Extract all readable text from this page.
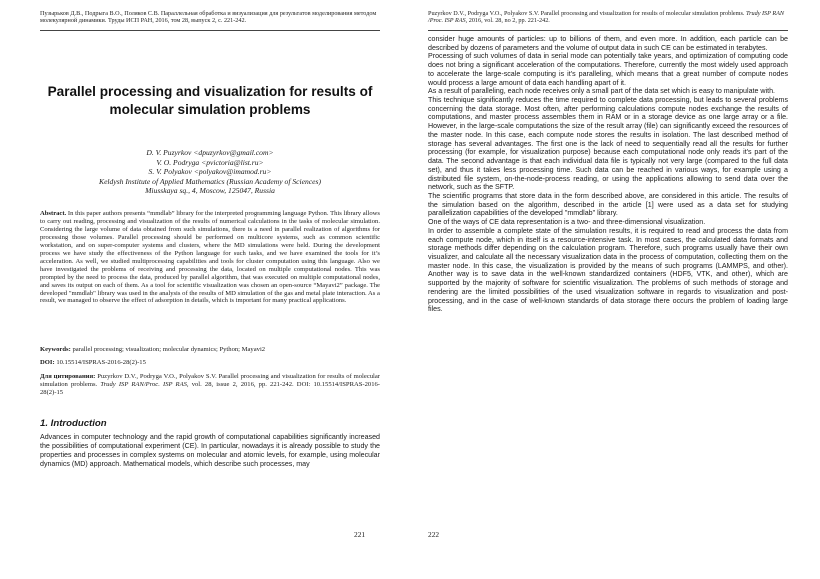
Пузырьков Д.В., Подрыга В.О., Поляков С.В. Параллельная обработка и визуализация для результатов моделирования методом молекулярной динамики. Труды ИСП РАН, 2016, том 28, выпуск 2, с. 221-242.
Parallel processing and visualization for results of molecular simulation problems
D. V. Puzyrkov <dpuzyrkov@gmail.com>
V. O. Podryga <pvictoria@list.ru>
S. V. Polyakov <polyakov@imamod.ru>
Keldysh Institute of Applied Mathematics (Russian Academy of Sciences)
Miusskaya sq., 4, Moscow, 125047, Russia
Abstract. In this paper authors presents “mmdlab” library for the interpreted programming language Python. This library allows to carry out reading, processing and visualization of the results of numerical calculations in the tasks of molecular simulation. Considering the large volume of data obtained from such simulations, there is a need in parallel realization of algorithms for processing those volumes. Parallel processing should be performed on multicore systems, such as common scientific workstation, and on super-computer systems and clusters, where the MD simulations were held. During the development process we have study the effectiveness of the Python language for such tasks, and we have examined the tools for it’s acceleration. As well, we studied multiprocessing capabilities and tools for cluster computation using this language. Also we have investigated the problems of receiving and processing the data, located on multiple computational nodes. This was prompted by the need to process the data, produced by parallel algorithm, that was executed on multiple computational nodes, and saves its output on each of them. As a tool for scientific visualization was chosen an open-source “Mayavi2” package. The developed "mmdlab" library was used in the analysis of the results of MD simulation of the gas and metal plate interaction. As a result, we managed to observe the effect of adsorption in details, which is important for many practical applications.
Keywords: parallel processing; visualization; molecular dynamics; Python; Mayavi2
DOI: 10.15514/ISPRAS-2016-28(2)-15
Для цитирования: Puzyrkov D.V., Podryga V.O., Polyakov S.V. Parallel processing and visualization for results of molecular simulation problems. Trudy ISP RAN/Proc. ISP RAS, vol. 28, issue 2, 2016, pp. 221-242. DOI: 10.15514/ISPRAS-2016-28(2)-15
1. Introduction
Advances in computer technology and the rapid growth of computational capabilities significantly increased the possibilities of computational experiment (CE). In particular, nowadays it is already possible to study the properties and processes in complex systems on molecular and atomic levels, for example, using molecular dynamics (MD) approach. Mathematical models, which describe such processes, may
221
Puzyrkov D.V., Podryga V.O., Polyakov S.V. Parallel processing and visualization for results of molecular simulation problems. Trudy ISP RAN /Proc. ISP RAS, 2016, vol. 28, no 2, pp. 221-242.

consider huge amounts of particles: up to billions of them, and even more. In addition, each particle can be described by dozens of parameters and the volume of output data in such CE can be estimated in terabytes.

Processing of such volumes of data in serial mode can potentially take years, and optimization of computing code does not bring a significant acceleration of the computations. Therefore, currently the most widely used approach to accelerate the large-scale computing is it's paralleling, which means that a great number of compute nodes would process a large amount of data each handling apart of it.

As a result of paralleling, each node receives only a small part of the data set which is easy to manipulate with.

This technique significantly reduces the time required to complete data processing, but leads to several problems concerning the data storage. Most often, after performing calculations compute nodes exchange the results of computations, and master process assembles them in RAM or in a storage device as one large array or a file. However, in the large-scale computations the size of the result array (file) can significantly exceed the resources of the master node. In this case, each compute node stores the results in isolation. The last described method of storage has several advantages. The first one is the lack of need to sequentially read all the results for further processing (for example, for visualization purpose) because each computational node only reads it's part of the data. The second advantage is that each individual data file is typically not very large (compared to the full data set), and thus it takes less processing time. Such data can be reached in various ways, for example using a distributed file system, on-the-node-process reading, or using the applications allowing to send data over the network, such as the SFTP.

The scientific programs that store data in the form described above, are considered in this article. The results of the simulation based on the algorithm, described in the article [1] were used as a data set for studying parallelization capabilities of the developed "mmdlab" library.

One of the ways of CE data representation is a two- and three-dimensional visualization.

In order to assemble a complete state of the simulation results, it is required to read and process the data from each compute node, which in itself is a resource-intensive task. In most cases, the calculated data formats and storage methods differ depending on the calculation program. Therefore, such programs usually have their own visualizer, and calculate all the necessary visualization data in the process of computation, collecting them on the master node. In this case, the visualization is provided by the means of such programs (LAMMPS, and other). Another way is to save data in the well-known standardized containers (HDF5, VTK, and other), which are supported by the majority of software for scientific visualization. The problems of such methods of storage and rendering are the limited possibilities of the used visualization software in regards to visualization and post-processing, and in the case of well-known standards of data storage there occurs the problem of loading large files.

222
